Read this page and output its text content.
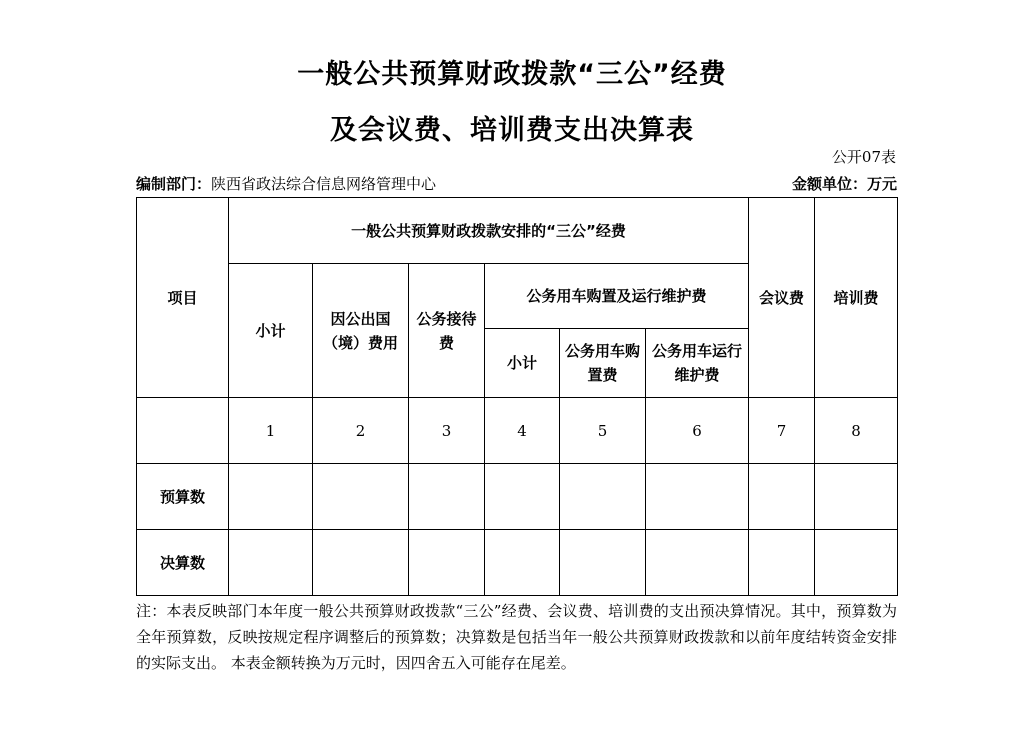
一般公共预算财政拨款“三公”经费
及会议费、培训费支出决算表
公开07表
编制部门：陕西省政法综合信息网络管理中心	金额单位：万元
项目	一般公共预算财政拨款安排的“三公”经费						会议费	培训费
	小计	因公出国（境）费用	公务接待费	公务用车购置及运行维护费				
				小计	公务用车购置费	公务用车运行维护费		
	1	2	3	4	5	6	7	8
预算数								
决算数								
注：本表反映部门本年度一般公共预算财政拨款“三公”经费、会议费、培训费的支出预决算情况。其中，预算数为全年预算数，反映按规定程序调整后的预算数；决算数是包括当年一般公共预算财政拨款和以前年度结转资金安排的实际支出。 本表金额转换为万元时，因四舍五入可能存在尾差。
